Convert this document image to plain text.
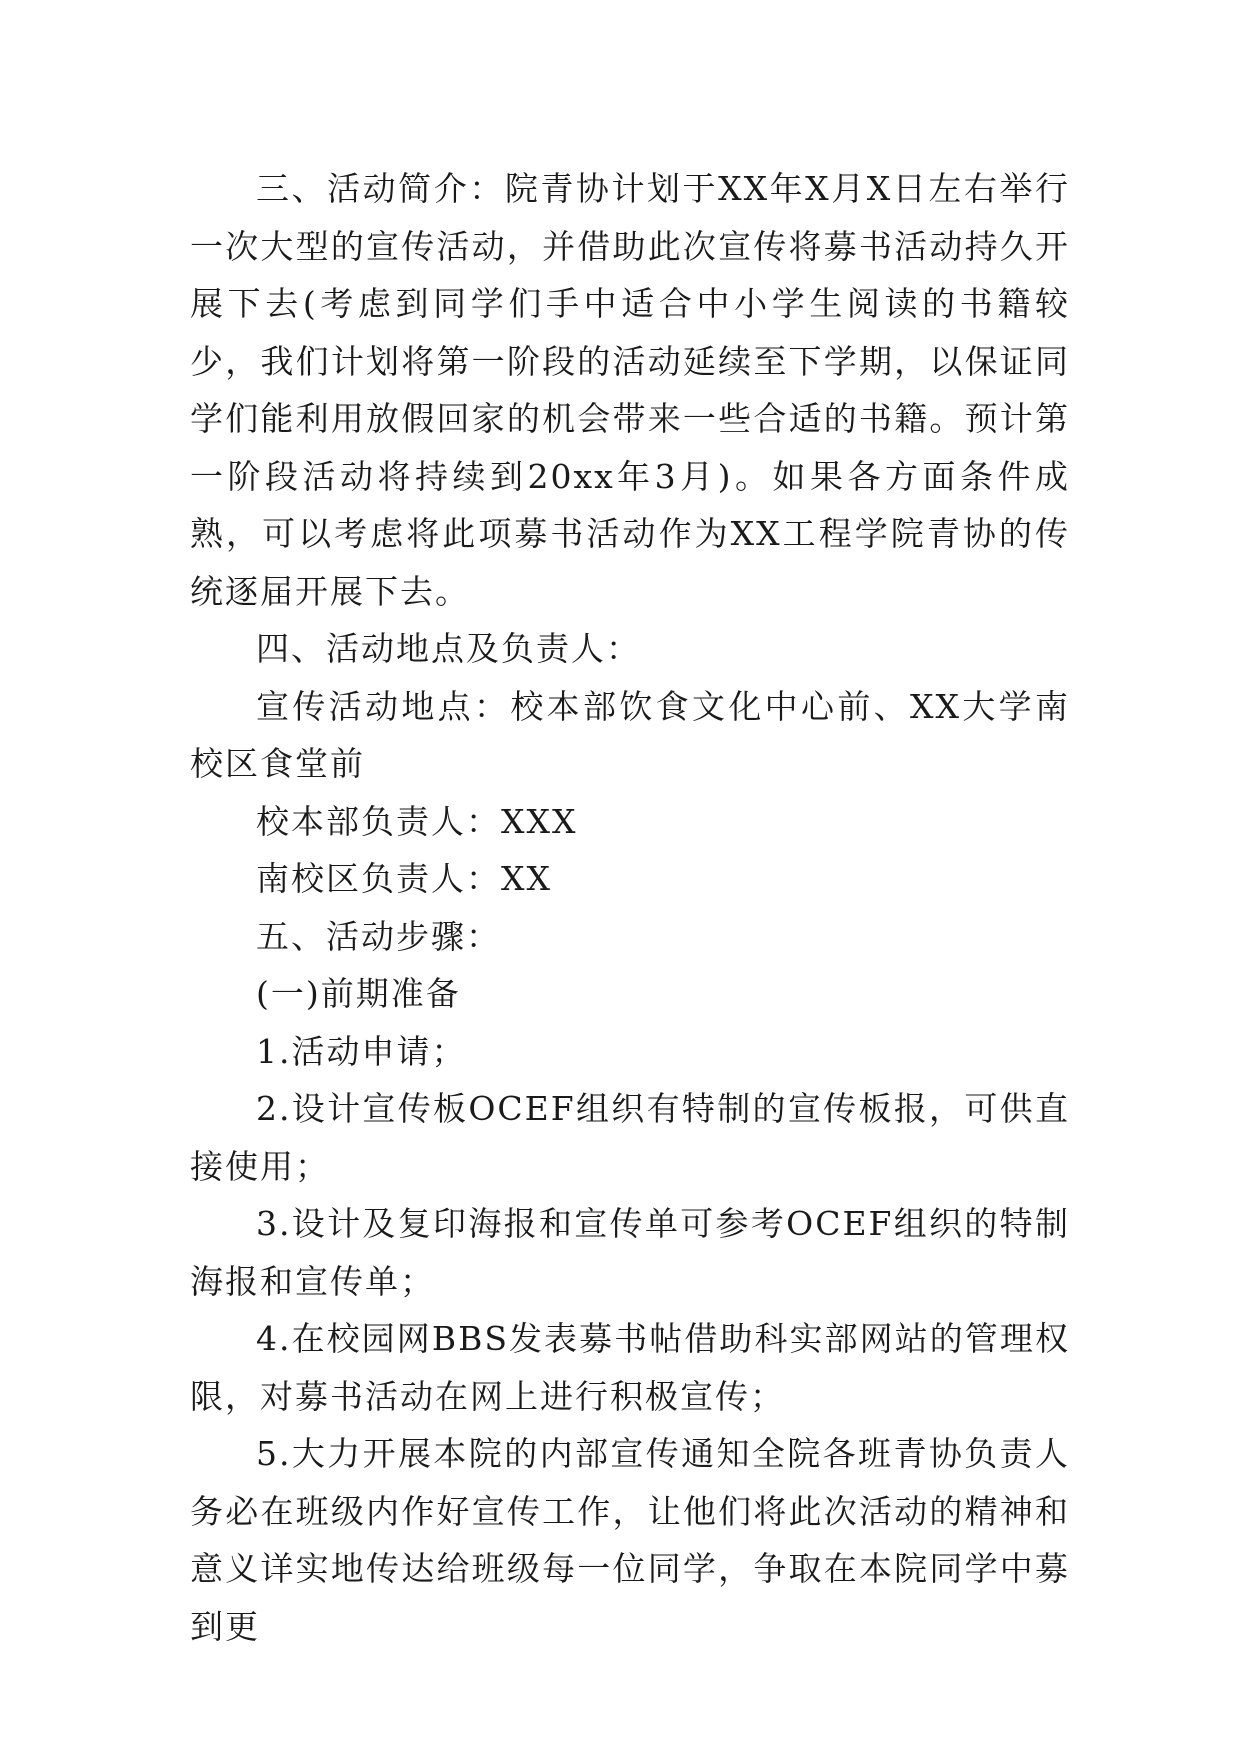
三、活动简介：院青协计划于XX年X月X日左右举行一次大型的宣传活动，并借助此次宣传将募书活动持久开展下去(考虑到同学们手中适合中小学生阅读的书籍较少，我们计划将第一阶段的活动延续至下学期，以保证同学们能利用放假回家的机会带来一些合适的书籍。预计第一阶段活动将持续到20xx年3月)。如果各方面条件成熟，可以考虑将此项募书活动作为XX工程学院青协的传统逐届开展下去。

四、活动地点及负责人：

宣传活动地点：校本部饮食文化中心前、XX大学南校区食堂前

校本部负责人：XXX

南校区负责人：XX

五、活动步骤：

(一)前期准备

1.活动申请；

2.设计宣传板OCEF组织有特制的宣传板报，可供直接使用；

3.设计及复印海报和宣传单可参考OCEF组织的特制海报和宣传单；

4.在校园网BBS发表募书帖借助科实部网站的管理权限，对募书活动在网上进行积极宣传；

5.大力开展本院的内部宣传通知全院各班青协负责人务必在班级内作好宣传工作，让他们将此次活动的精神和意义详实地传达给班级每一位同学，争取在本院同学中募到更
